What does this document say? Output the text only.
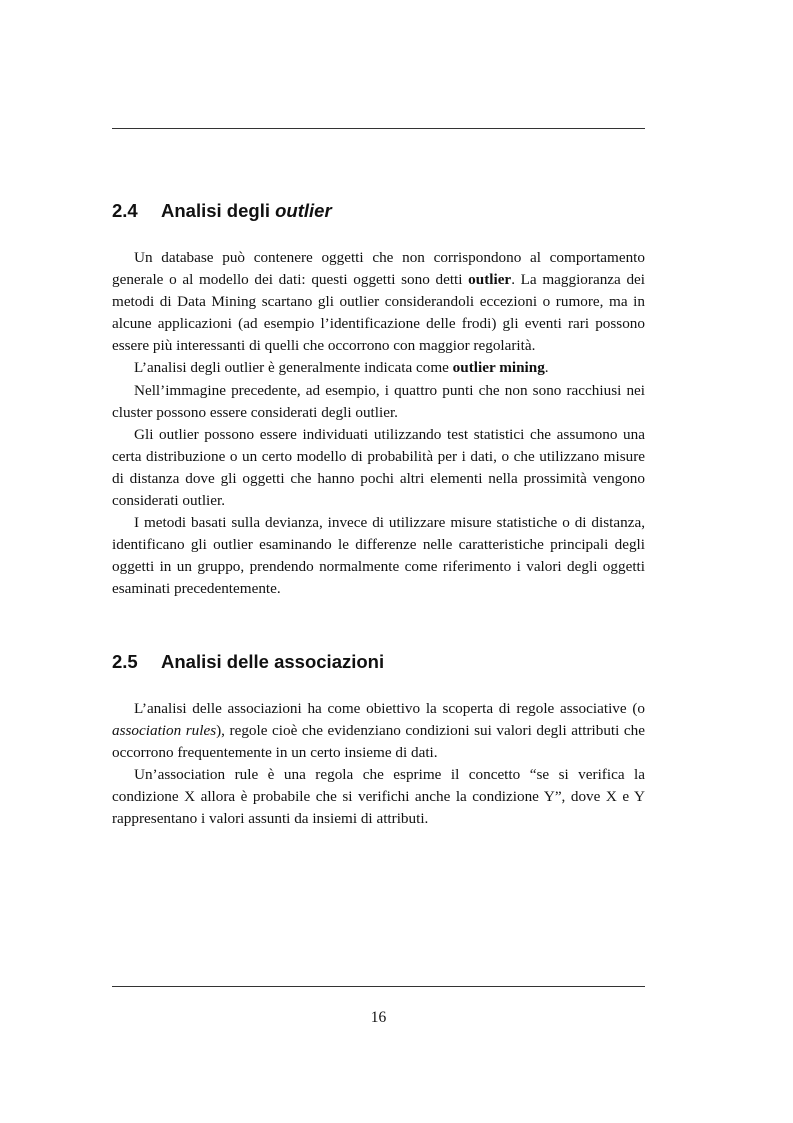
2.4 Analisi degli outlier

Un database può contenere oggetti che non corrispondono al comportamento generale o al modello dei dati: questi oggetti sono detti outlier. La maggioranza dei metodi di Data Mining scartano gli outlier considerandoli eccezioni o rumore, ma in alcune applicazioni (ad esempio l’identificazione delle frodi) gli eventi rari possono essere più interessanti di quelli che occorrono con maggior regolarità.

L’analisi degli outlier è generalmente indicata come outlier mining.

Nell’immagine precedente, ad esempio, i quattro punti che non sono racchiusi nei cluster possono essere considerati degli outlier.

Gli outlier possono essere individuati utilizzando test statistici che assumono una certa distribuzione o un certo modello di probabilità per i dati, o che utilizzano misure di distanza dove gli oggetti che hanno pochi altri elementi nella prossimità vengono considerati outlier.

I metodi basati sulla devianza, invece di utilizzare misure statistiche o di distanza, identificano gli outlier esaminando le differenze nelle caratteristiche principali degli oggetti in un gruppo, prendendo normalmente come riferimento i valori degli oggetti esaminati precedentemente.

2.5 Analisi delle associazioni

L’analisi delle associazioni ha come obiettivo la scoperta di regole associative (o association rules), regole cioè che evidenziano condizioni sui valori degli attributi che occorrono frequentemente in un certo insieme di dati.

Un’association rule è una regola che esprime il concetto “se si verifica la condizione X allora è probabile che si verifichi anche la condizione Y”, dove X e Y rappresentano i valori assunti da insiemi di attributi.

16
